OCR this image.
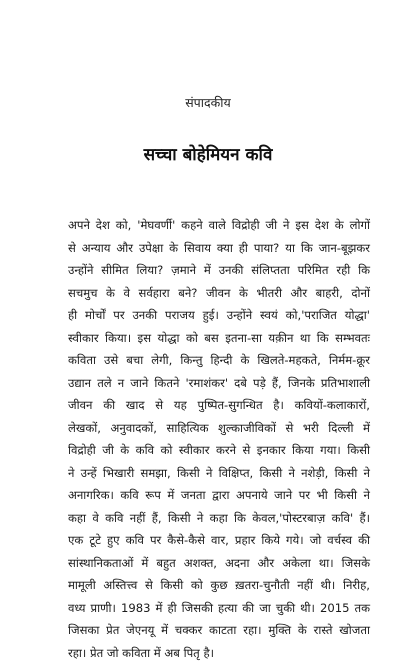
संपादकीय
सच्चा बोहेमियन कवि
अपने देश को, 'मेघवर्णी' कहने वाले विद्रोही जी ने इस देश के लोगों
से अन्याय और उपेक्षा के सिवाय क्या ही पाया? या कि जान-बूझकर
उन्होंने सीमित लिया? ज़माने में उनकी संलिप्तता परिमित रही कि
सचमुच के वे सर्वहारा बने? जीवन के भीतरी और बाहरी, दोनों
ही मोर्चों पर उनकी पराजय हुई। उन्होंने स्वयं को,'पराजित योद्धा'
स्वीकार किया। इस योद्धा को बस इतना-सा यक़ीन था कि सम्भवतः
कविता उसे बचा लेगी, किन्तु हिन्दी के खिलते-महकते, निर्मम-क्रूर
उद्यान तले न जाने कितने 'रमाशंकर' दबे पड़े हैं, जिनके प्रतिभाशाली
जीवन की खाद से यह पुष्पित-सुगन्धित है। कवियों-कलाकारों,
लेखकों, अनुवादकों, साहित्यिक शुल्काजीविकों से भरी दिल्ली में
विद्रोही जी के कवि को स्वीकार करने से इनकार किया गया। किसी
ने उन्हें भिखारी समझा, किसी ने विक्षिप्त, किसी ने नशेड़ी, किसी ने
अनागरिक। कवि रूप में जनता द्वारा अपनाये जाने पर भी किसी ने
कहा वे कवि नहीं हैं, किसी ने कहा कि केवल,'पोस्टरबाज़ कवि' हैं।
एक टूटे हुए कवि पर कैसे-कैसे वार, प्रहार किये गये। जो वर्चस्व की
सांस्थानिकताओं में बहुत अशक्त, अदना और अकेला था। जिसके
मामूली अस्तित्त्व से किसी को कुछ ख़तरा-चुनौती नहीं थी। निरीह,
वध्य प्राणी। 1983 में ही जिसकी हत्या की जा चुकी थी। 2015 तक
जिसका प्रेत जेएनयू में चक्कर काटता रहा। मुक्ति के रास्ते खोजता
रहा। प्रेत जो कविता में अब पितृ है।
